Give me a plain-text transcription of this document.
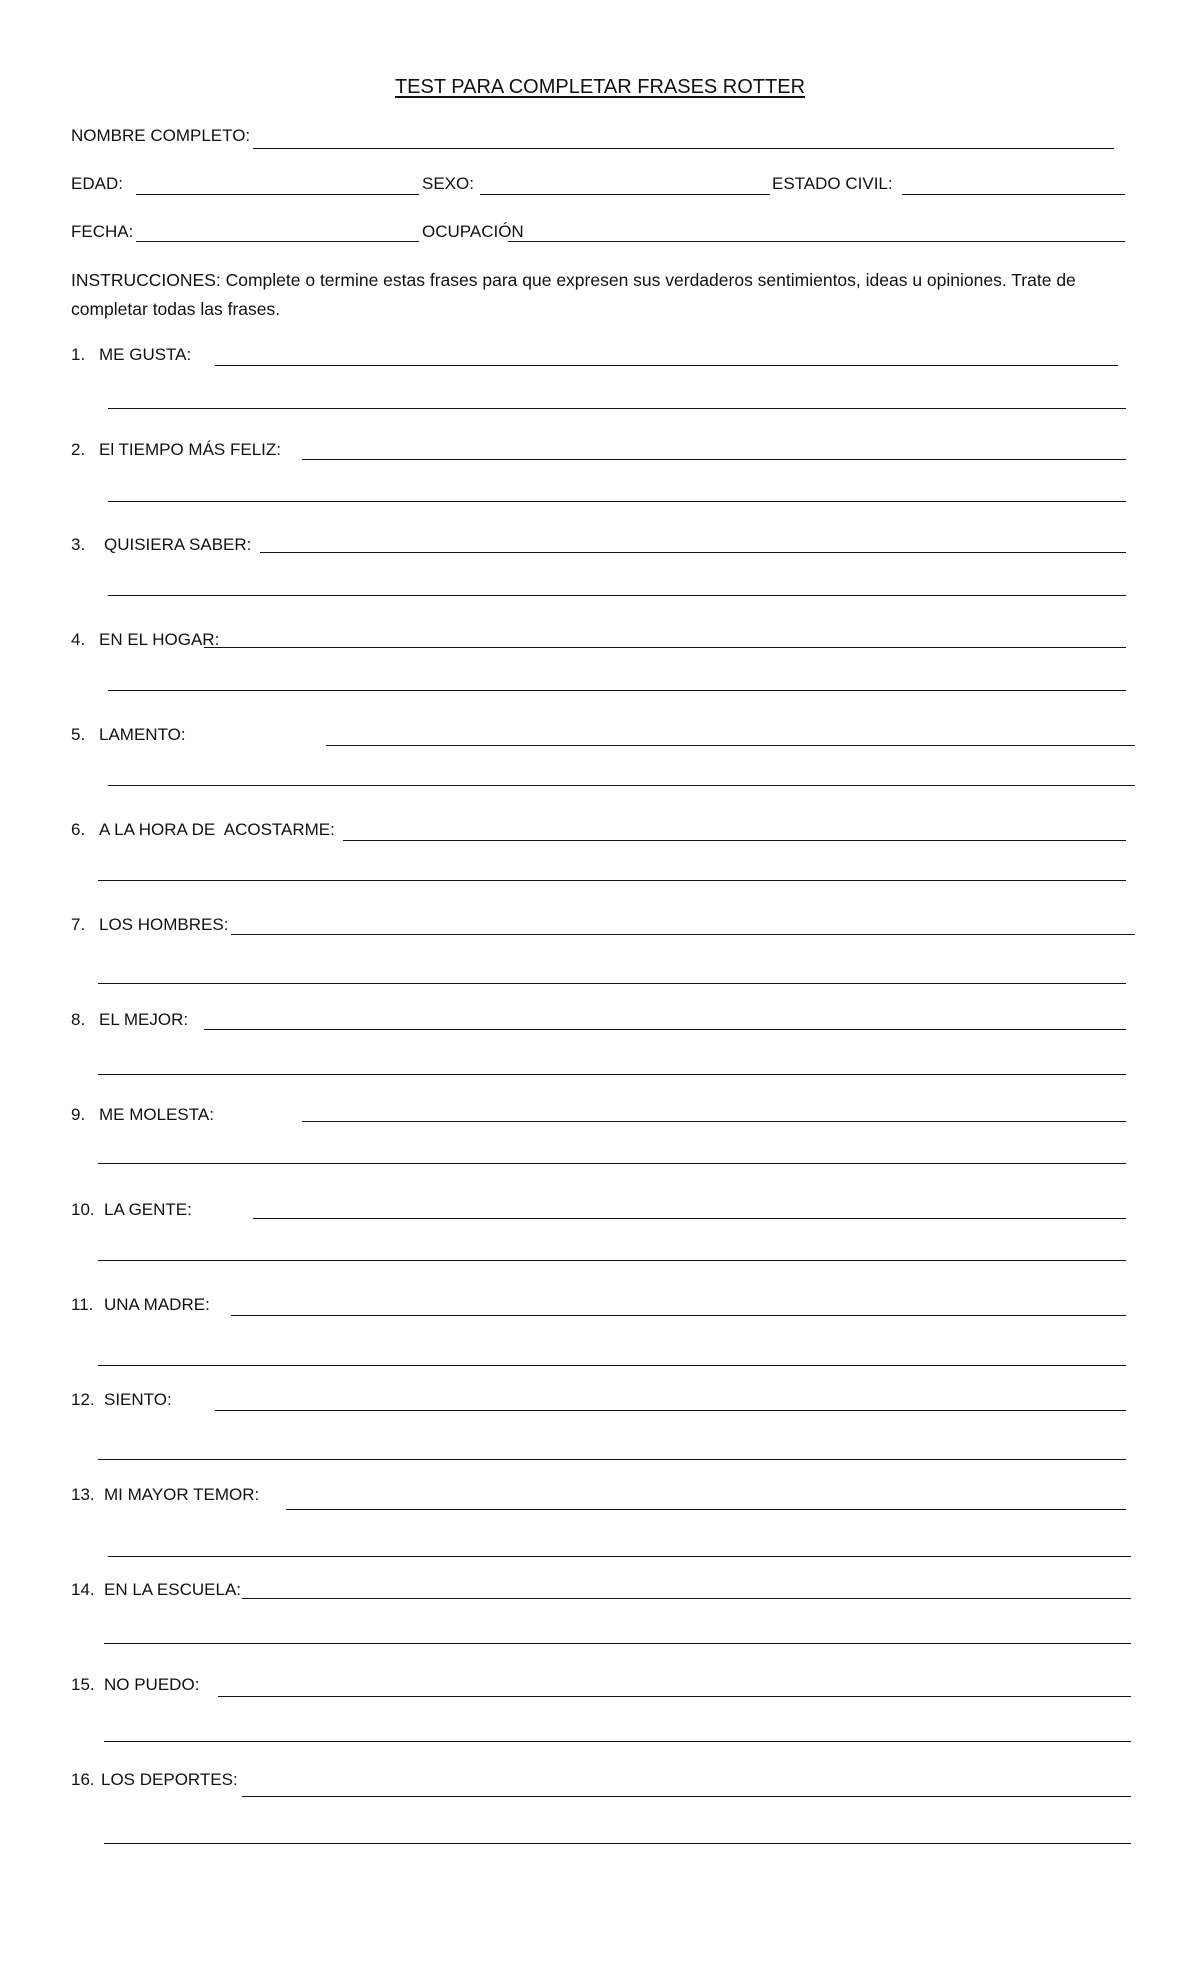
TEST PARA COMPLETAR FRASES ROTTER
NOMBRE COMPLETO:
EDAD:	SEXO:	ESTADO CIVIL:
FECHA:	OCUPACIÓN
INSTRUCCIONES: Complete o termine estas frases para que expresen sus verdaderos sentimientos, ideas u opiniones. Trate de completar todas las frases.
1. ME GUSTA:
2. El TIEMPO MÁS FELIZ:
3. QUISIERA SABER:
4. EN EL HOGAR:
5. LAMENTO:
6. A LA HORA DE  ACOSTARME:
7. LOS HOMBRES:
8. EL MEJOR:
9. ME MOLESTA:
10. LA GENTE:
11. UNA MADRE:
12. SIENTO:
13. MI MAYOR TEMOR:
14. EN LA ESCUELA:
15. NO PUEDO:
16. LOS DEPORTES:
